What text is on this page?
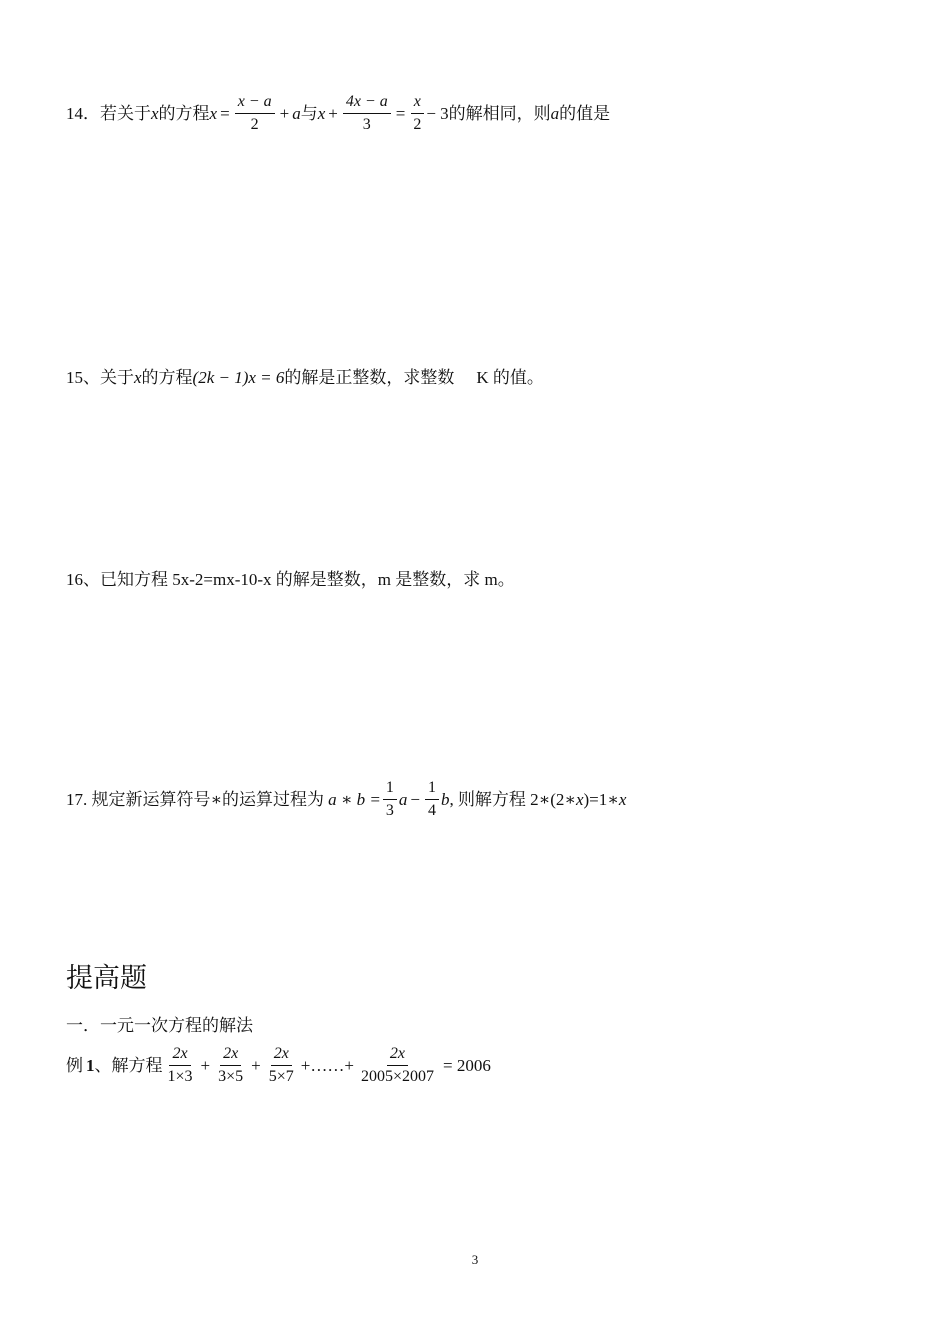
14． 若关于 x 的方程 $x = \frac{x - a}{2} + a$ 与 $x + \frac{4x - a}{3} = \frac{x}{2} - 3$ 的解相同，则 a 的值是
15、 关于 x 的方程 (2k − 1)x = 6 的解是正整数，求整数 K 的值。
16、已知方程 5x-2=mx-10-x 的解是整数，m 是整数，求 m。
17. 规定新运算符号∗的运算过程为 a ∗ $b = \frac{1}{3}$ $a - \frac{1}{4}$ b , 则解方程 2∗(2∗ x )=1∗ x
提高题
一．一元一次方程的解法
例 1 、解方程 $\frac{2x}{1\times 3} + \frac{2x}{3\times 5} + \frac{2x}{5\times 7}$ +……+ $\frac{2x}{2005\times 2007} = 2006$
3
